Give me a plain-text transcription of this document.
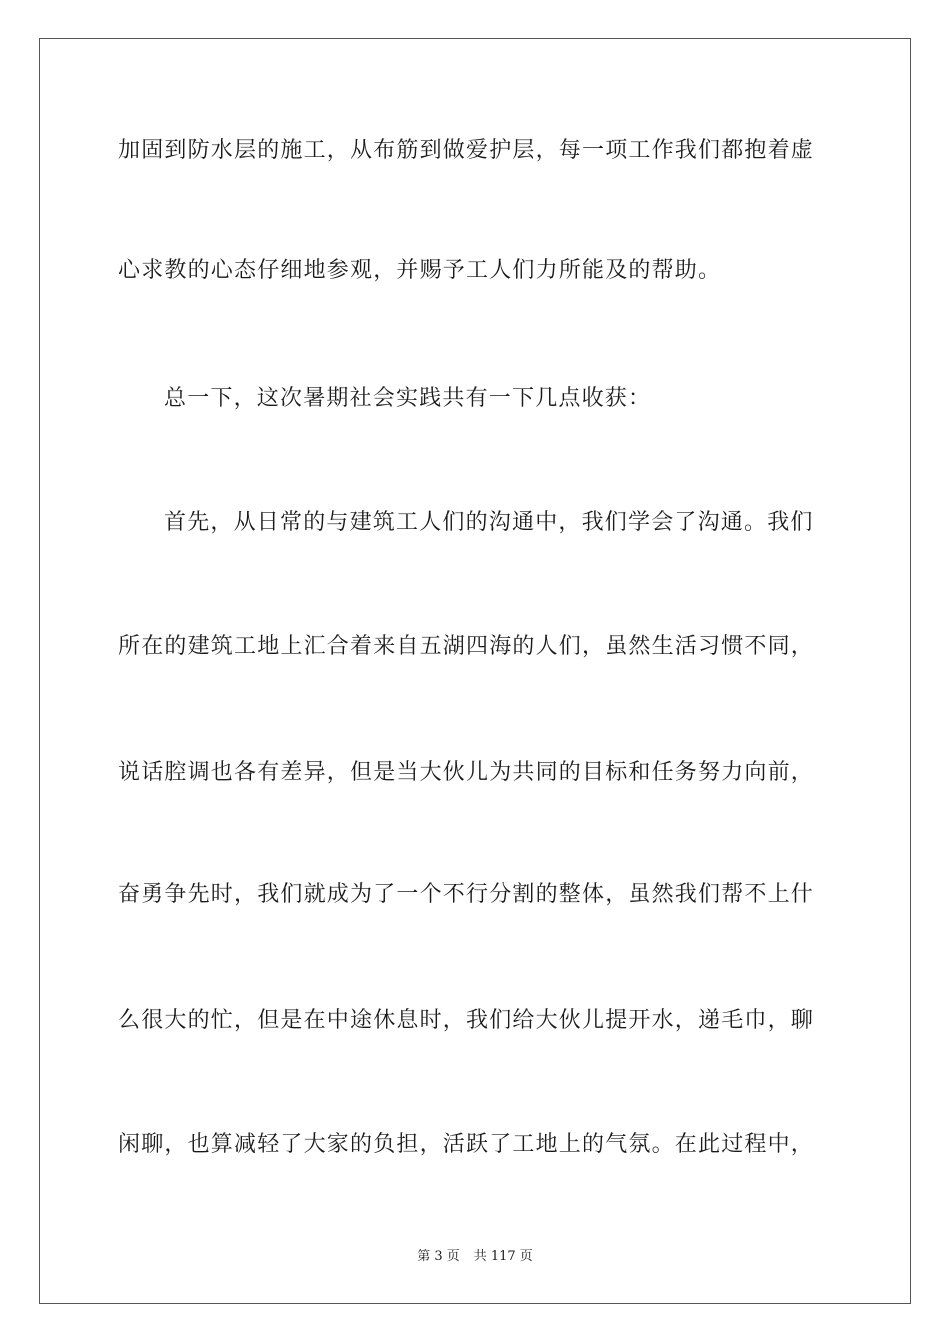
加固到防水层的施工，从布筋到做爱护层，每一项工作我们都抱着虚
心求教的心态仔细地参观，并赐予工人们力所能及的帮助。
总一下，这次暑期社会实践共有一下几点收获：
首先，从日常的与建筑工人们的沟通中，我们学会了沟通。我们
所在的建筑工地上汇合着来自五湖四海的人们，虽然生活习惯不同，
说话腔调也各有差异，但是当大伙儿为共同的目标和任务努力向前，
奋勇争先时，我们就成为了一个不行分割的整体，虽然我们帮不上什
么很大的忙，但是在中途休息时，我们给大伙儿提开水，递毛巾，聊
闲聊，也算减轻了大家的负担，活跃了工地上的气氛。在此过程中，
第 3 页 共 117 页
